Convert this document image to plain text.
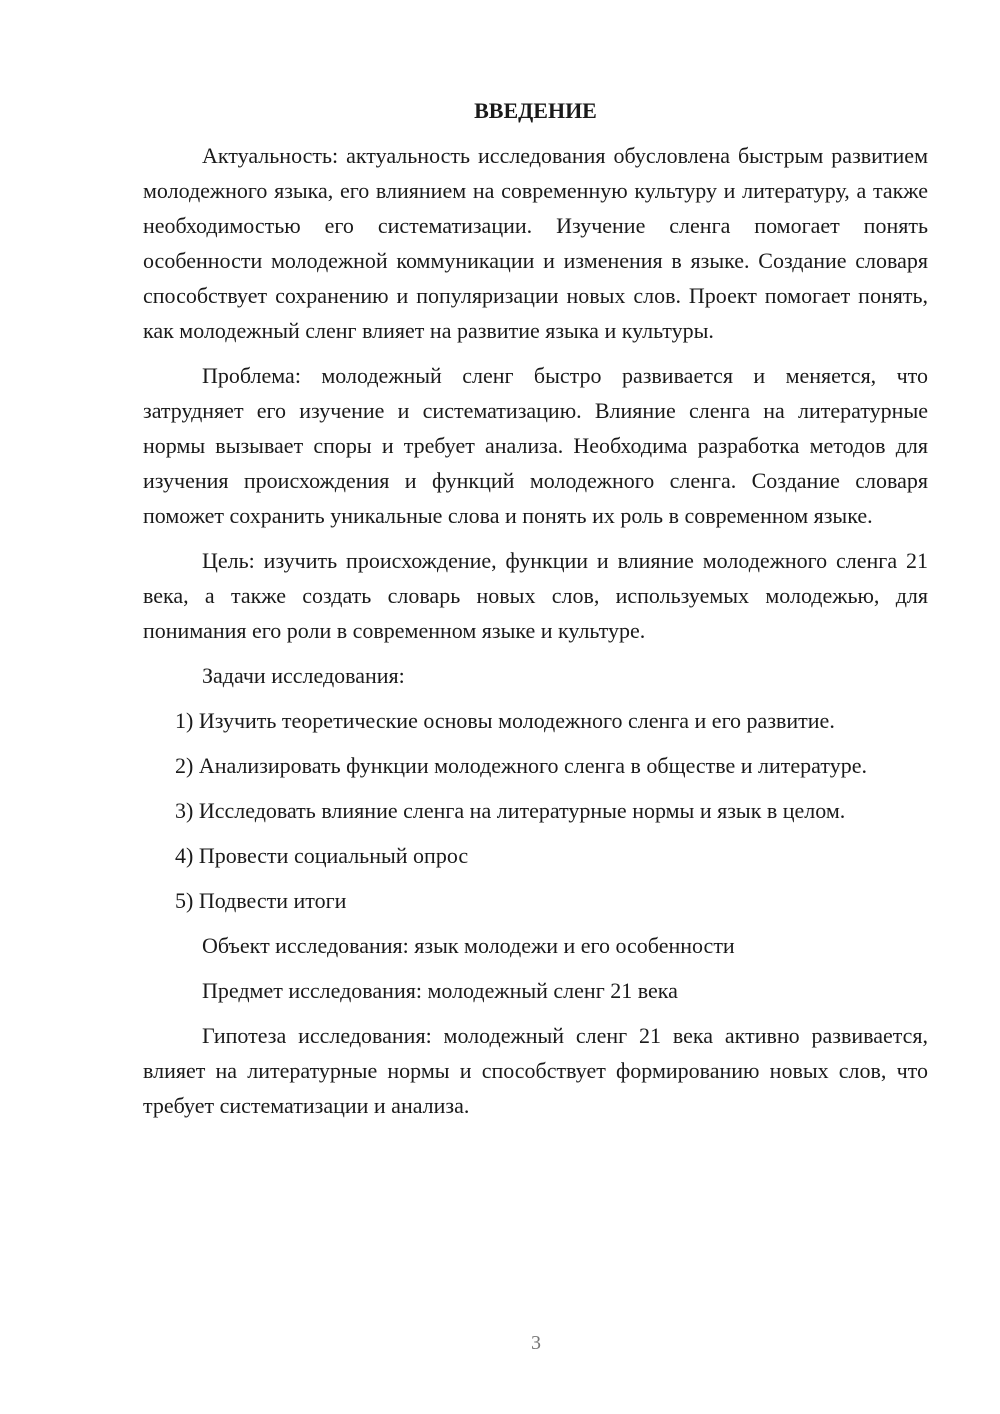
ВВЕДЕНИЕ

Актуальность: актуальность исследования обусловлена быстрым развитием молодежного языка, его влиянием на современную культуру и литературу, а также необходимостью его систематизации. Изучение сленга помогает понять особенности молодежной коммуникации и изменения в языке. Создание словаря способствует сохранению и популяризации новых слов. Проект помогает понять, как молодежный сленг влияет на развитие языка и культуры.

Проблема: молодежный сленг быстро развивается и меняется, что затрудняет его изучение и систематизацию. Влияние сленга на литературные нормы вызывает споры и требует анализа. Необходима разработка методов для изучения происхождения и функций молодежного сленга. Создание словаря поможет сохранить уникальные слова и понять их роль в современном языке.

Цель: изучить происхождение, функции и влияние молодежного сленга 21 века, а также создать словарь новых слов, используемых молодежью, для понимания его роли в современном языке и культуре.

Задачи исследования:

1) Изучить теоретические основы молодежного сленга и его развитие.

2) Анализировать функции молодежного сленга в обществе и литературе.

3) Исследовать влияние сленга на литературные нормы и язык в целом.

4) Провести социальный опрос

5) Подвести итоги

Объект исследования: язык молодежи и его особенности

Предмет исследования: молодежный сленг 21 века

Гипотеза исследования: молодежный сленг 21 века активно развивается, влияет на литературные нормы и способствует формированию новых слов, что требует систематизации и анализа.

3
